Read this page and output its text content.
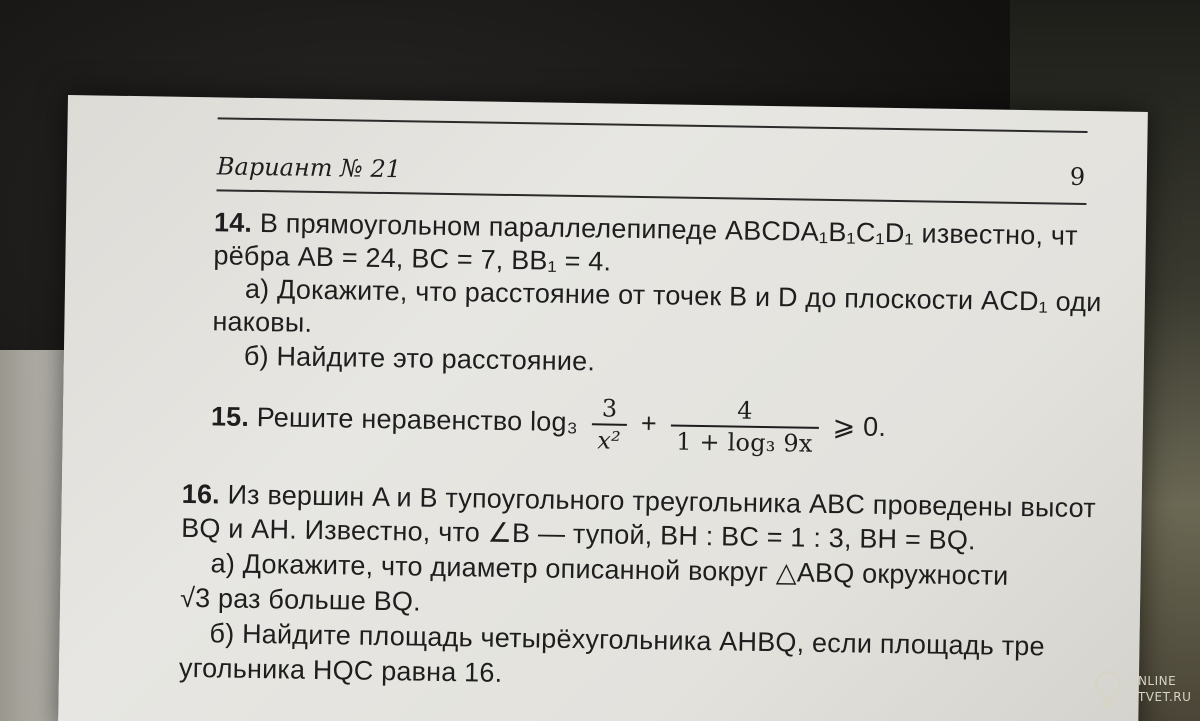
Вариант № 21	9
14. В прямоугольном параллелепипеде ABCDA₁B₁C₁D₁ известно, чт
рёбра AB = 24, BC = 7, BB₁ = 4.
а) Докажите, что расстояние от точек B и D до плоскости ACD₁ оди
наковы.
б) Найдите это расстояние.
15. Решите неравенство $\log_3 \frac{3}{\text{x²}} + \frac{4}{\text{1 + log₃ 9x}}$ ⩾ 0.
16. Из вершин A и B тупоугольного треугольника ABC проведены высот
BQ и AH. Известно, что ∠B — тупой, BH : BC = 1 : 3, BH = BQ.
а) Докажите, что диаметр описанной вокруг △ABQ окружности
√3 раз больше BQ.
б) Найдите площадь четырёхугольника AHBQ, если площадь тре
угольника HQC равна 16.	ONLINE
OTVET.RU
